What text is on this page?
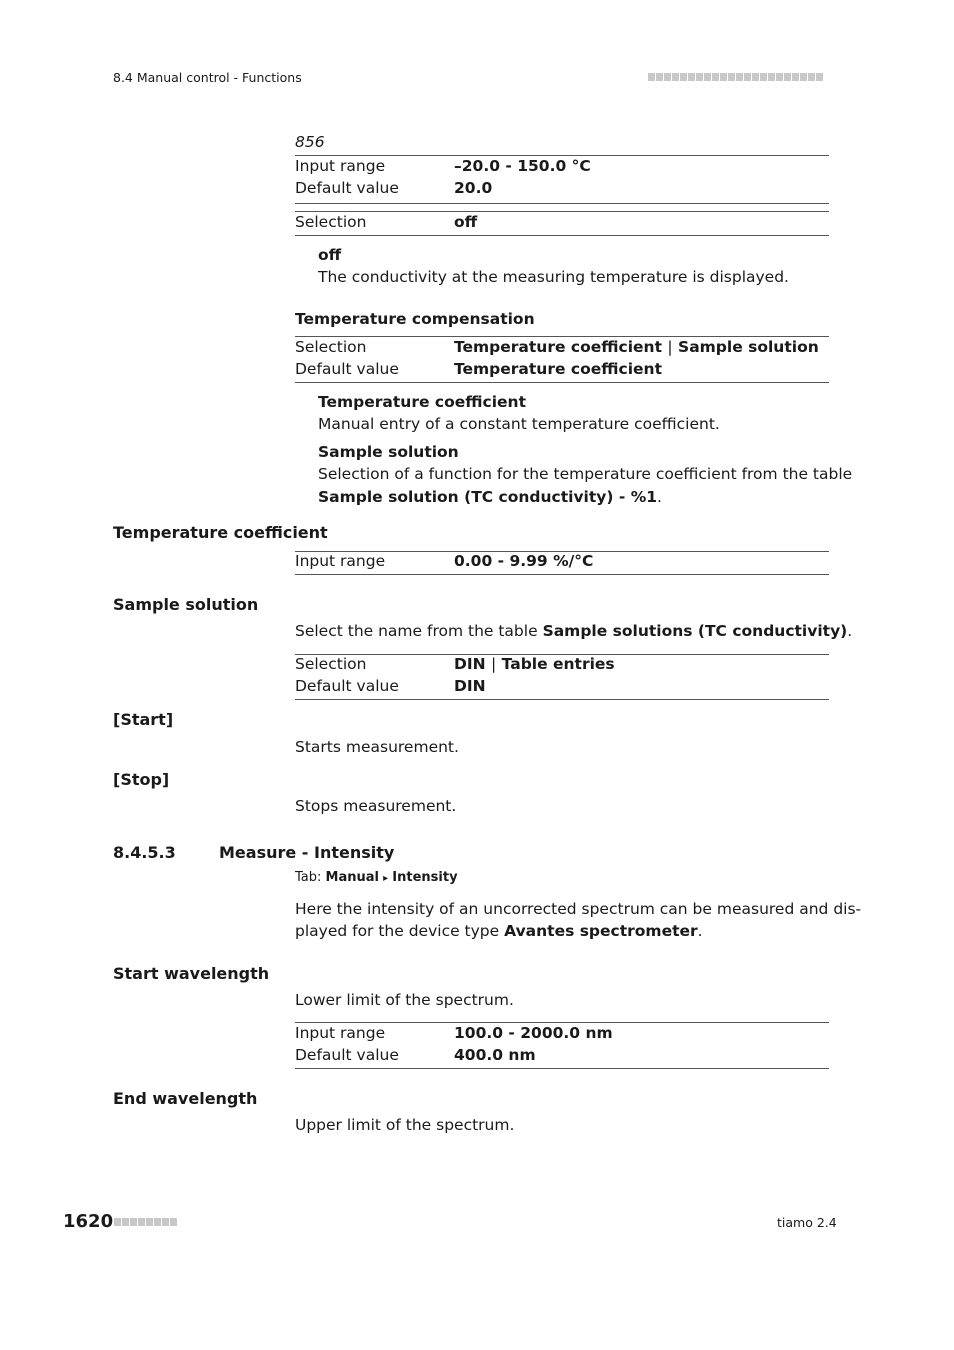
8.4 Manual control - Functions
856
Input range	–20.0 - 150.0 °C
Default value	20.0
Selection	off
off
The conductivity at the measuring temperature is displayed.
Temperature compensation
Selection	Temperature coefficient | Sample solution
Default value	Temperature coefficient
Temperature coefficient
Manual entry of a constant temperature coefficient.
Sample solution
Selection of a function for the temperature coefficient from the table
Sample solution (TC conductivity) - %1.
Temperature coefficient
Input range	0.00 - 9.99 %/°C
Sample solution
Select the name from the table Sample solutions (TC conductivity).
Selection	DIN | Table entries
Default value	DIN
[Start]
Starts measurement.
[Stop]
Stops measurement.
8.4.5.3	Measure - Intensity
Tab: Manual ▸ Intensity
Here the intensity of an uncorrected spectrum can be measured and dis-
played for the device type Avantes spectrometer.
Start wavelength
Lower limit of the spectrum.
Input range	100.0 - 2000.0 nm
Default value	400.0 nm
End wavelength
Upper limit of the spectrum.
1620	tiamo 2.4
